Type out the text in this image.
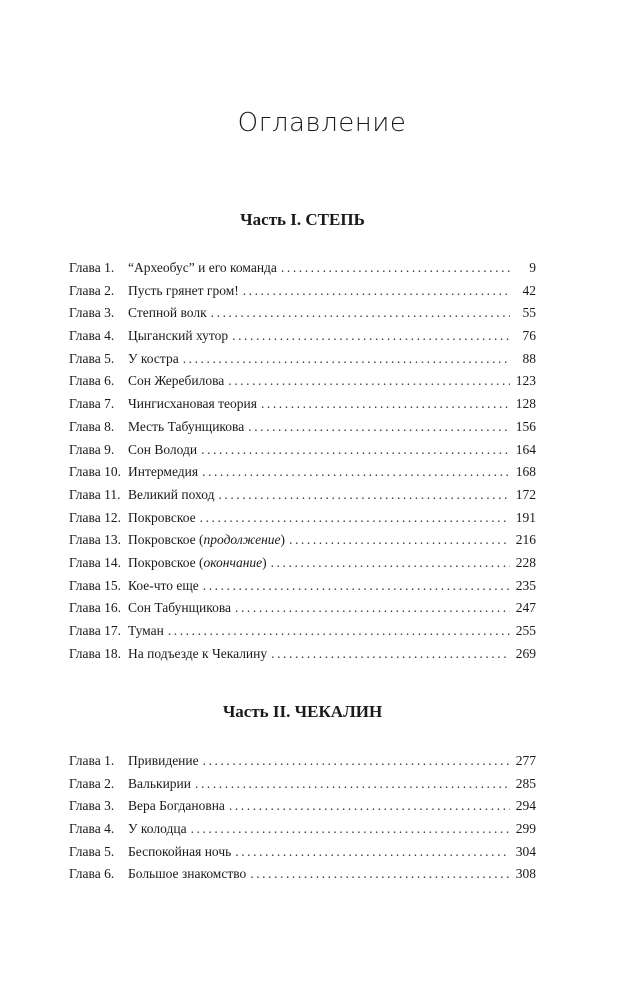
Оглавление
Часть I. СТЕПЬ
Глава 1.	“Археобус” и его команда . . .	9
Глава 2.	Пусть грянет гром! . . .	42
Глава 3.	Степной волк . . .	55
Глава 4.	Цыганский хутор . . .	76
Глава 5.	У костра . . .	88
Глава 6.	Сон Жеребилова . . .	123
Глава 7.	Чингисхановая теория . . .	128
Глава 8.	Месть Табунщикова . . .	156
Глава 9.	Сон Володи . . .	164
Глава 10. Интермедия . . .	168
Глава 11. Великий поход . . .	172
Глава 12. Покровское . . .	191
Глава 13. Покровское (продолжение) . . .	216
Глава 14. Покровское (окончание) . . .	228
Глава 15. Кое-что еще . . .	235
Глава 16. Сон Табунщикова . . .	247
Глава 17. Туман . . .	255
Глава 18. На подъезде к Чекалину . . .	269
Часть II. ЧЕКАЛИН
Глава 1.	Привидение . . .	277
Глава 2.	Валькирии . . .	285
Глава 3.	Вера Богдановна . . .	294
Глава 4.	У колодца . . .	299
Глава 5.	Беспокойная ночь . . .	304
Глава 6.	Большое знакомство . . .	308
